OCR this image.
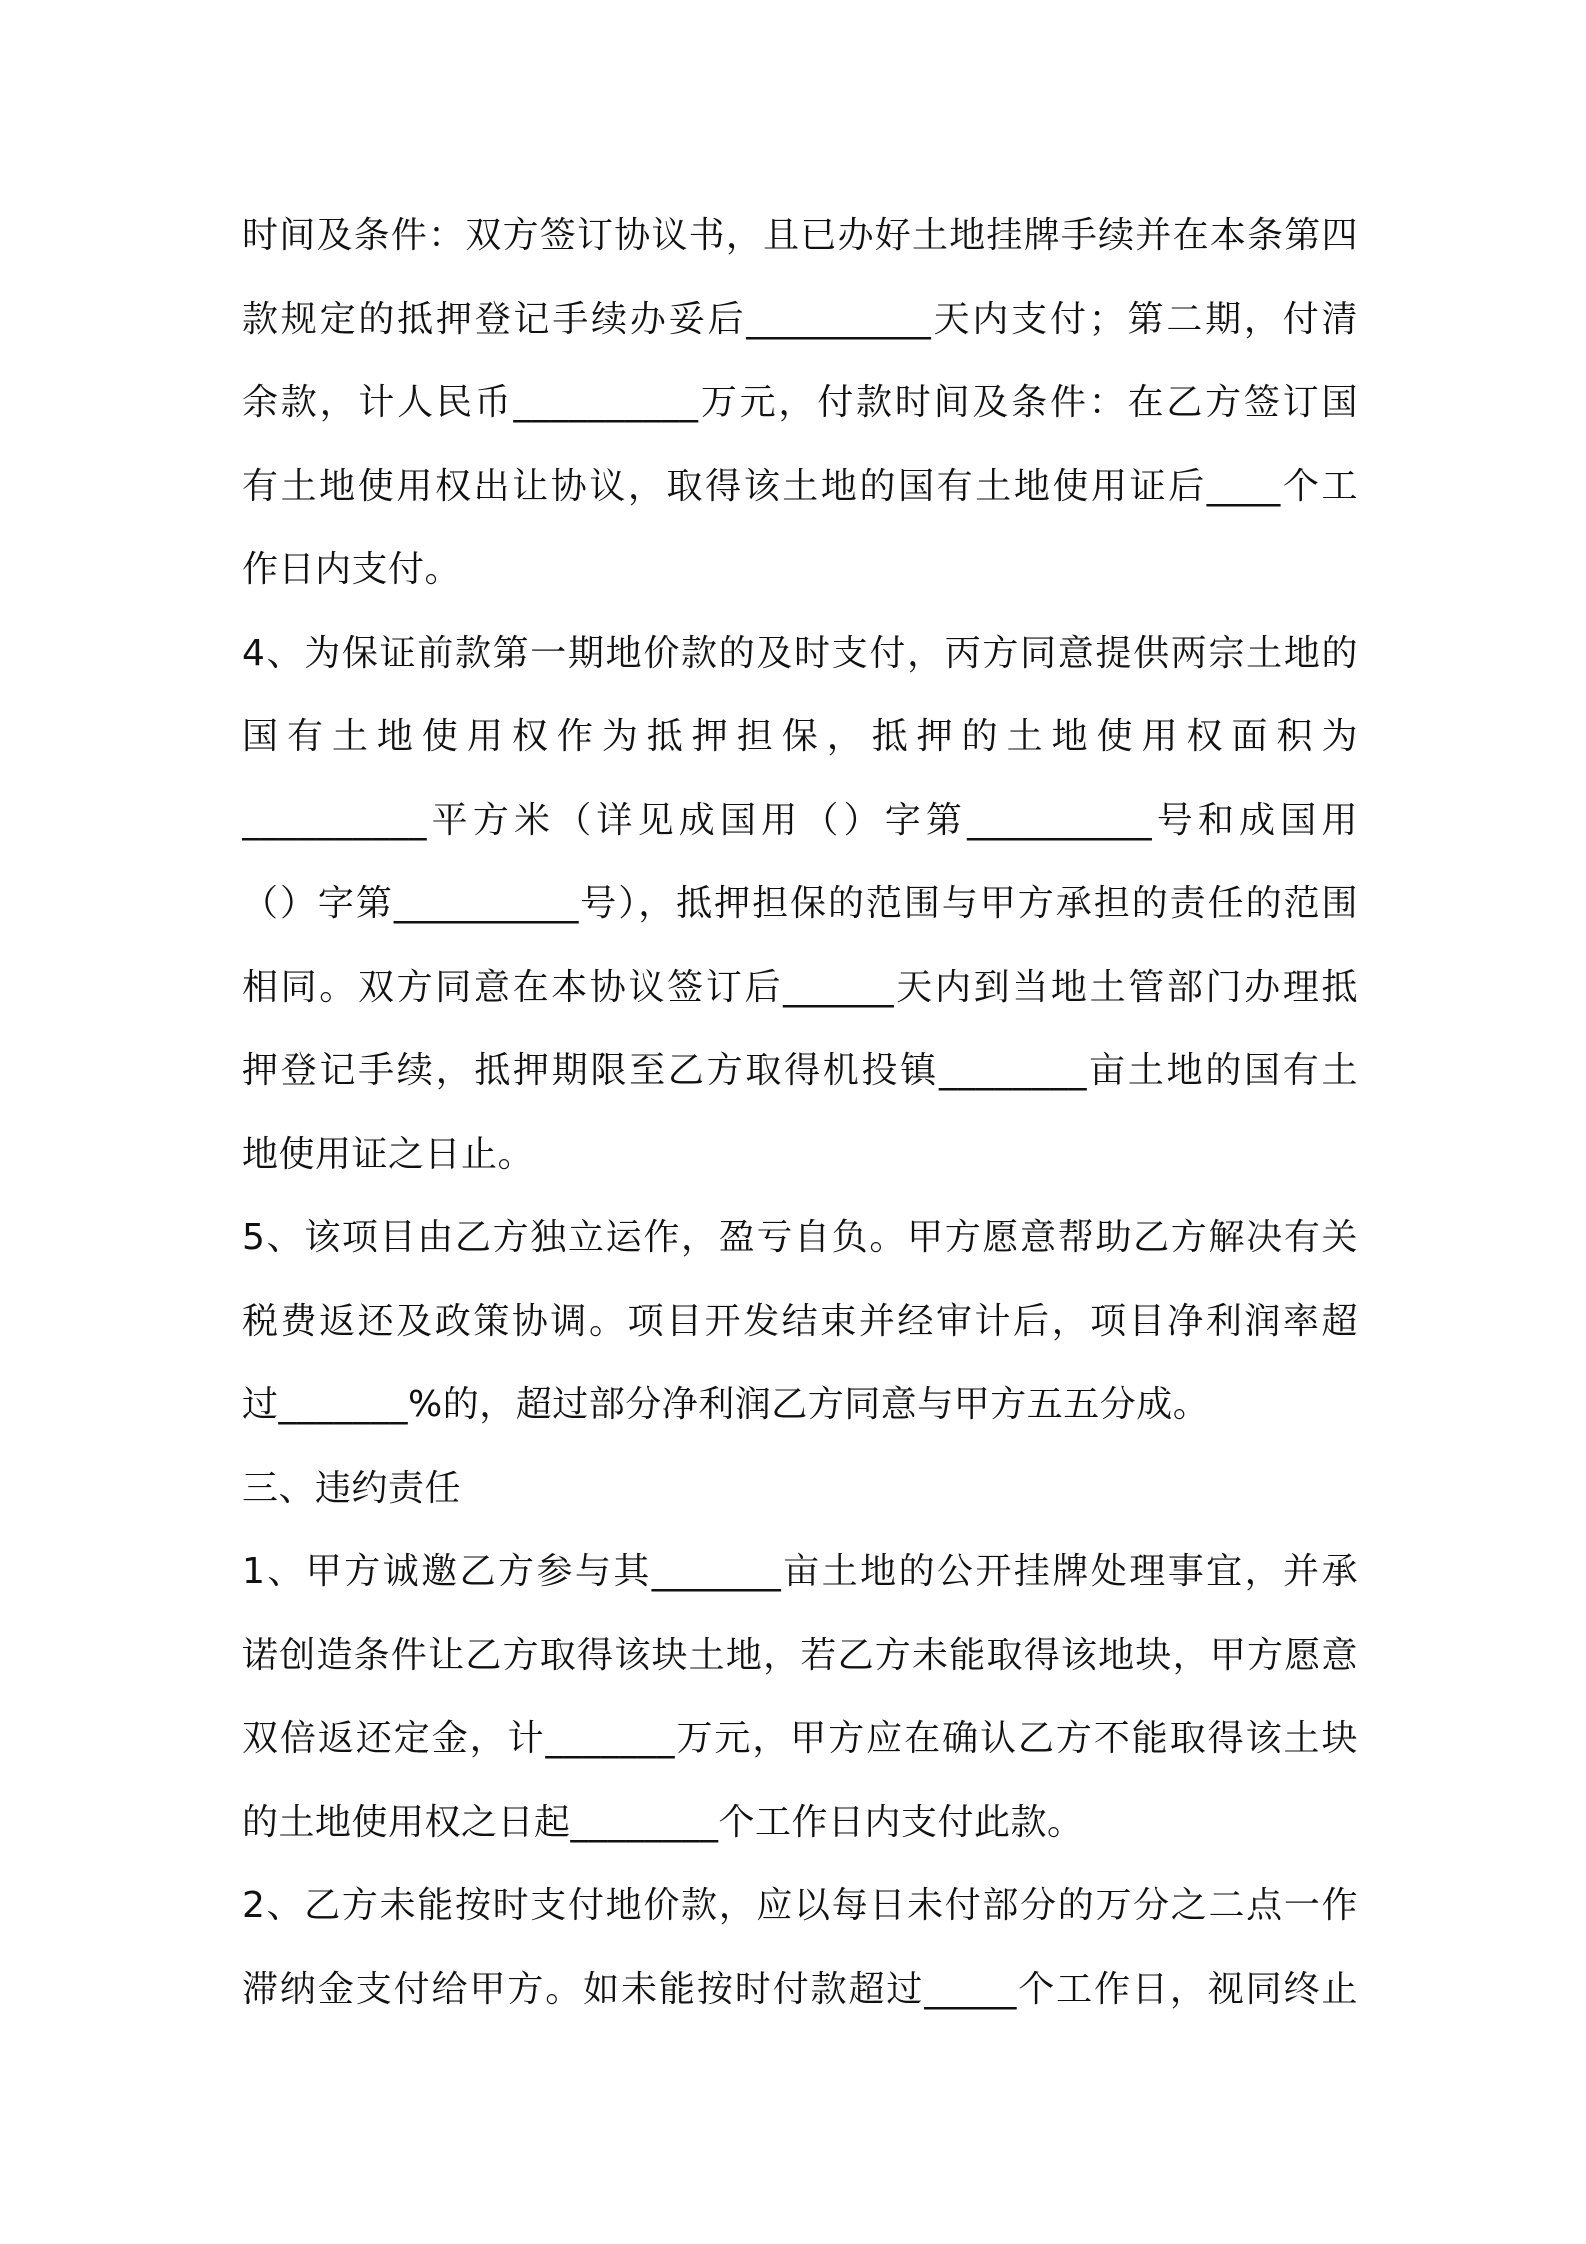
时间及条件：双方签订协议书，且已办好土地挂牌手续并在本条第四
款规定的抵押登记手续办妥后__________天内支付；第二期，付清
余款，计人民币__________万元，付款时间及条件：在乙方签订国
有土地使用权出让协议，取得该土地的国有土地使用证后____个工
作日内支付。
4、为保证前款第一期地价款的及时支付，丙方同意提供两宗土地的
国有土地使用权作为抵押担保，抵押的土地使用权面积为
__________平方米（详见成国用（）字第__________号和成国用
（）字第__________号），抵押担保的范围与甲方承担的责任的范围
相同。双方同意在本协议签订后______天内到当地土管部门办理抵
押登记手续，抵押期限至乙方取得机投镇________亩土地的国有土
地使用证之日止。
5、该项目由乙方独立运作，盈亏自负。甲方愿意帮助乙方解决有关
税费返还及政策协调。项目开发结束并经审计后，项目净利润率超
过_______%的，超过部分净利润乙方同意与甲方五五分成。
三、违约责任
1、甲方诚邀乙方参与其_______亩土地的公开挂牌处理事宜，并承
诺创造条件让乙方取得该块土地，若乙方未能取得该地块，甲方愿意
双倍返还定金，计_______万元，甲方应在确认乙方不能取得该土块
的土地使用权之日起________个工作日内支付此款。
2、乙方未能按时支付地价款，应以每日未付部分的万分之二点一作
滞纳金支付给甲方。如未能按时付款超过_____个工作日，视同终止
